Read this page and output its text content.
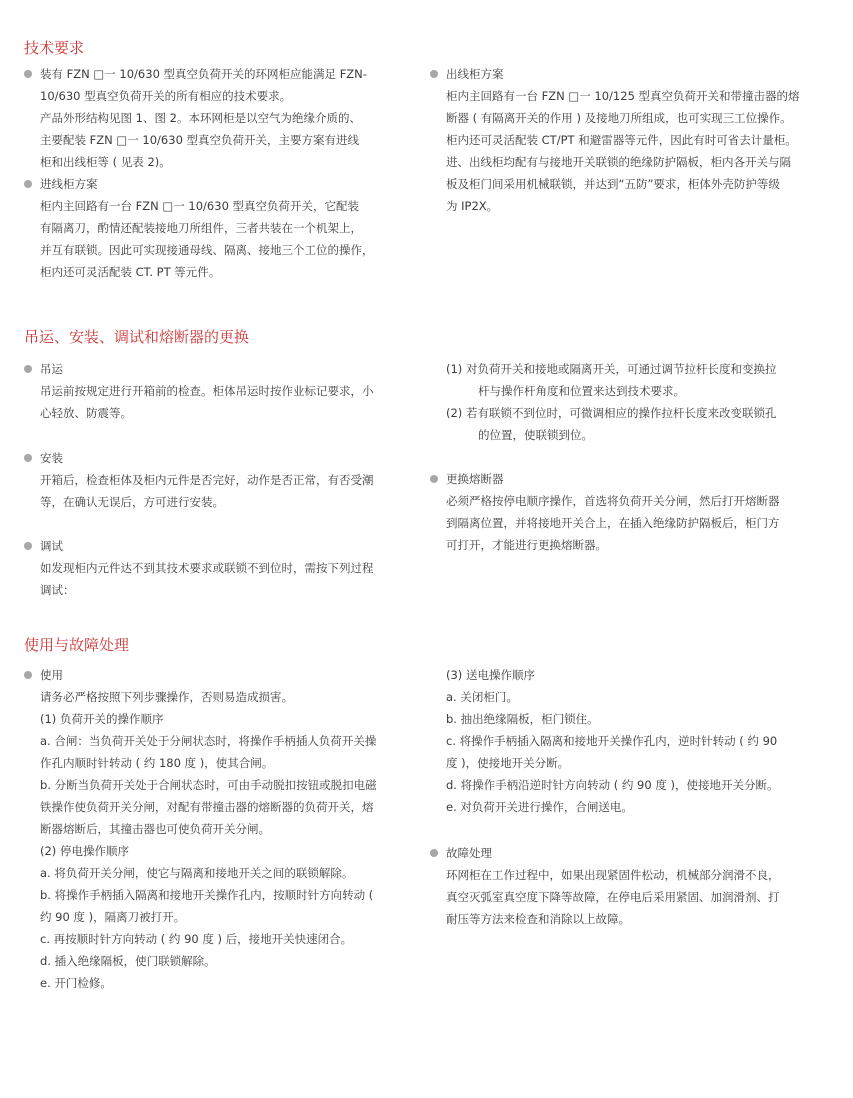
技术要求
装有 FZN □一 10/630 型真空负荷开关的环网柜应能满足 FZN-
10/630 型真空负荷开关的所有相应的技术要求。
产品外形结构见图 1、图 2。本环网柜是以空气为绝缘介质的、
主要配装 FZN □一 10/630 型真空负荷开关，主要方案有进线
柜和出线柜等 ( 见表 2)。
进线柜方案
柜内主回路有一台 FZN □一 10/630 型真空负荷开关，它配装
有隔离刀，酌情还配装接地刀所组件，三者共装在一个机架上，
并互有联锁。因此可实现接通母线、隔离、接地三个工位的操作，
柜内还可灵活配装 CT. PT 等元件。
出线柜方案
柜内主回路有一台 FZN □一 10/125 型真空负荷开关和带撞击器的熔
断器 ( 有隔离开关的作用 ) 及接地刀所组成，也可实现三工位操作。
柜内还可灵活配装 CT/PT 和避雷器等元件，因此有时可省去计量柜。
进、出线柜均配有与接地开关联锁的绝缘防护隔板，柜内各开关与隔
板及柜门间采用机械联锁，并达到“五防”要求，柜体外壳防护等级
为 IP2X。
吊运、安装、调试和熔断器的更换
吊运
吊运前按规定进行开箱前的检查。柜体吊运时按作业标记要求，小
心轻放、防震等。
安装
开箱后，检查柜体及柜内元件是否完好，动作是否正常，有否受潮
等，在确认无误后，方可进行安装。
调试
如发现柜内元件达不到其技术要求或联锁不到位时，需按下列过程
调试：
(1) 对负荷开关和接地或隔离开关，可通过调节拉杆长度和变换拉
杆与操作杆角度和位置来达到技术要求。
(2) 若有联锁不到位时，可微调相应的操作拉杆长度来改变联锁孔
的位置，使联锁到位。
更换熔断器
必须严格按停电顺序操作，首选将负荷开关分闸，然后打开熔断器
到隔离位置，并将接地开关合上，在插入绝缘防护隔板后，柜门方
可打开，才能进行更换熔断器。
使用与故障处理
使用
请务必严格按照下列步骤操作，否则易造成损害。
(1) 负荷开关的操作顺序
a. 合闸：当负荷开关处于分闸状态时，将操作手柄插人负荷开关操
作孔内顺时针转动 ( 约 180 度 )，使其合闸。
b. 分断当负荷开关处于合闸状态时，可由手动脱扣按钮或脱扣电磁
铁操作使负荷开关分闸，对配有带撞击器的熔断器的负荷开关，熔
断器熔断后，其撞击器也可使负荷开关分闸。
(2) 停电操作顺序
a. 将负荷开关分闸，使它与隔离和接地开关之间的联锁解除。
b. 将操作手柄插入隔离和接地开关操作孔内，按顺时针方向转动 (
约 90 度 )，隔离刀被打开。
c. 再按顺时针方向转动 ( 约 90 度 ) 后，接地开关快速闭合。
d. 插入绝缘隔板，使门联锁解除。
e. 开门检修。
(3) 送电操作顺序
a. 关闭柜门。
b. 抽出绝缘隔板，柜门锁住。
c. 将操作手柄插入隔离和接地开关操作孔内，逆时针转动 ( 约 90
度 )，使接地开关分断。
d. 将操作手柄沿逆时针方向转动 ( 约 90 度 )，使接地开关分断。
e. 对负荷开关进行操作，合闸送电。
故障处理
环网柜在工作过程中，如果出现紧固件松动，机械部分润滑不良，
真空灭弧室真空度下降等故障，在停电后采用紧固、加润滑剂、打
耐压等方法来检查和消除以上故障。
